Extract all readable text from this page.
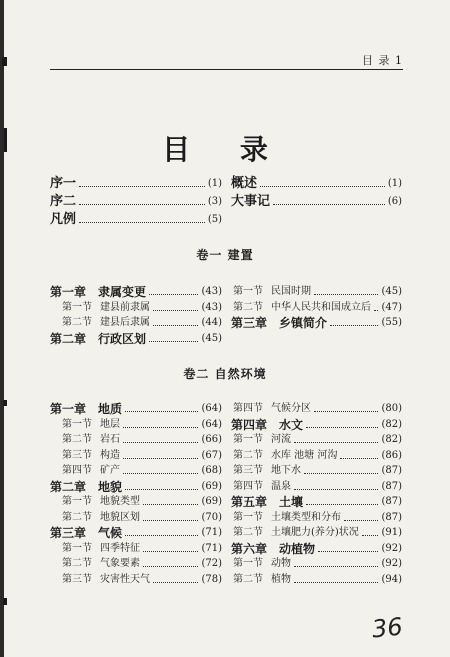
目 录 1
目 录
序一	(1)
序二	(3)
凡例	(5)
概述	(1)
大事记	(6)
卷一 建置
第一章 隶属变更	(43)
第一节 建县前隶属	(43)
第二节 建县后隶属	(44)
第二章 行政区划	(45)
第一节 民国时期	(45)
第二节 中华人民共和国成立后 (47)
第三章 乡镇简介	(55)
卷二 自然环境
第一章 地质	(64)
第一节 地层	(64)
第二节 岩石	(66)
第三节 构造	(67)
第四节 矿产	(68)
第二章 地貌	(69)
第一节 地貌类型	(69)
第二节 地貌区划	(70)
第三章 气候	(71)
第一节 四季特征	(71)
第二节 气象要素	(72)
第三节 灾害性天气	(78)
第四节 气候分区	(80)
第四章 水文	(82)
第一节 河流	(82)
第二节 水库 池塘 河沟	(86)
第三节 地下水	(87)
第四节 温泉	(87)
第五章 土壤	(87)
第一节 土壤类型和分布	(87)
第二节 土壤肥力(养分)状况 (91)
第六章 动植物	(92)
第一节 动物	(92)
第二节 植物	(94)
36
